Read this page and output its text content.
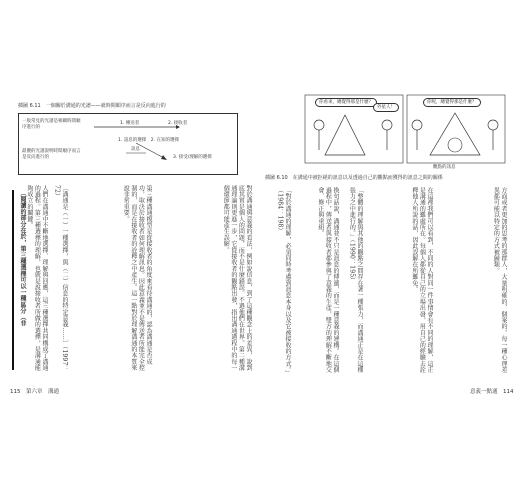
插圖 6.11　一個關於溝通的光譜——就時間順序而言是反向進行的
一般常見的光譜是相關時間順序進行的
最優的光譜說明時間順序而言是反向進行的
1. 傳送者	2. 接收者
1. 訊息的選擇　2. 在知的選擇
訊息
3. 接受/理解的選擇
對於溝通與意義的看法，例如說信息，到了這種觀念上的差異，說到底其實是個人的問題，而不是什麼錯誤。不過他們在世界。第二種溝通理論則更進一步，它從接收者的觀點出發，指出溝通過程中的每一個環節都可能產生誤解。
第三種溝通模型是從接收者的角度來看待溝通的，認為溝通是否成功，取決於接收者如何理解訊息。因此意義並不是傳送者所能完全控制的，而是在接收者的詮釋之中產生。這一點對於理解溝通的本質來說非常重要。
〔溝通是（一）一種選擇，與（二）信息的特定意義……〕（1997：72）
人們在溝通中不斷地選擇、理解與回應，這三種選擇共同構成了溝通的過程。第三種選擇的理解，也就是說接收者所做的選擇，是溝通能夠成立的關鍵。
〔閱讀的部分在於，第三種選擇可以一種區分（非
115　第六章　溝通
你看來，總覺得那是什麼？
外星人！
你呢，總覺得那是什麼？
觀點的訊息
插圖 6.10　在溝通中被拒絕的訊息以及透過自己的觀點而獲得的訊息之間的關係
方面或者更加的思考的那群人，大量明確的、個案的。每一種心理差異都可能以特定的方式被歸類。
在這裡我們可以看到，不同的人對同一件事情會有不同的理解，這正是溝通的難處所在。每個人都從自己的立場出發，用自己的經驗去詮釋他人所說的話，因此誤解在所難免。
「整體的理解與其他的觀點之間存在著一種張力，而溝通正是在這種張力之中進行的。」（1990：195）
換句話說，溝通並不只是訊息的傳遞，而是一種意義的建構。在這個過程中，傳送者與接收者都參與了意義的生產，雙方的理解不斷地交會、修正與重組。
「對於溝通的理解，必須同時考慮到訊息本身以及它被接收的方式。」（1984：198）
意義一點通　114
